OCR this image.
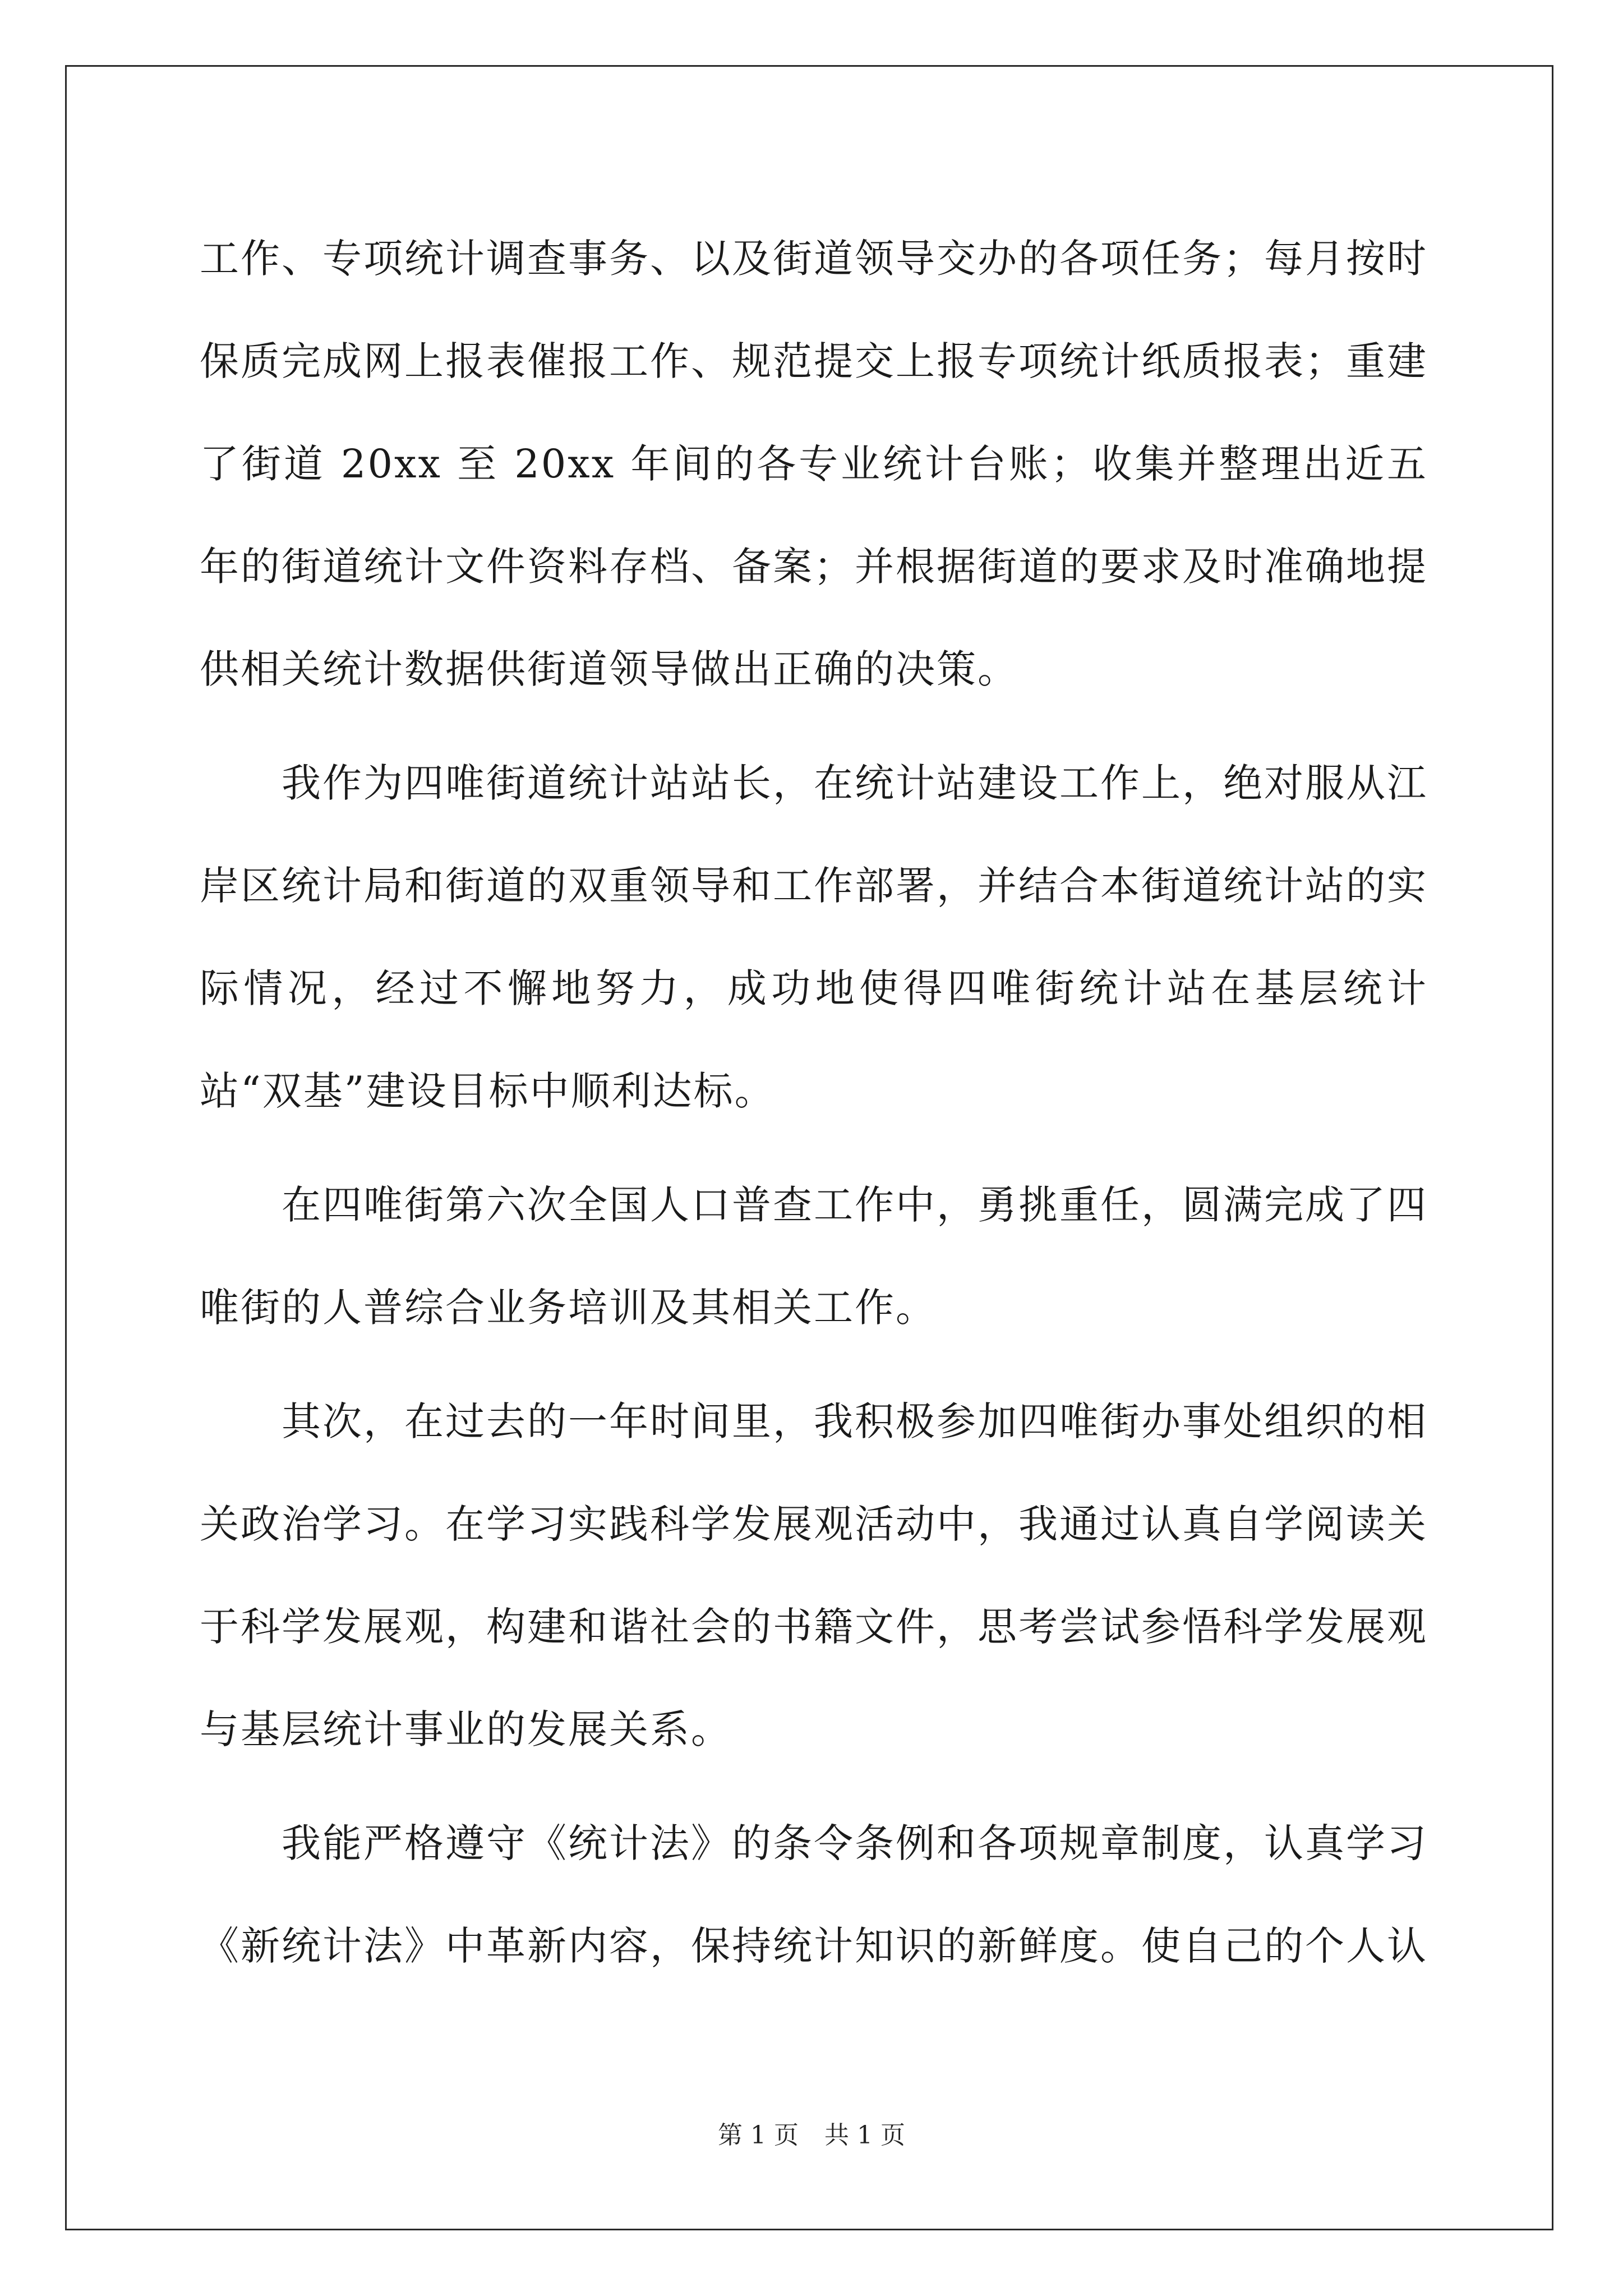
工作、专项统计调查事务、以及街道领导交办的各项任务；每月按时保质完成网上报表催报工作、规范提交上报专项统计纸质报表；重建了街道 20xx 至 20xx 年间的各专业统计台账；收集并整理出近五年的街道统计文件资料存档、备案；并根据街道的要求及时准确地提供相关统计数据供街道领导做出正确的决策。

我作为四唯街道统计站站长，在统计站建设工作上，绝对服从江岸区统计局和街道的双重领导和工作部署，并结合本街道统计站的实际情况，经过不懈地努力，成功地使得四唯街统计站在基层统计站“双基”建设目标中顺利达标。

在四唯街第六次全国人口普查工作中，勇挑重任，圆满完成了四唯街的人普综合业务培训及其相关工作。

其次，在过去的一年时间里，我积极参加四唯街办事处组织的相关政治学习。在学习实践科学发展观活动中，我通过认真自学阅读关于科学发展观，构建和谐社会的书籍文件，思考尝试参悟科学发展观与基层统计事业的发展关系。

我能严格遵守《统计法》的条令条例和各项规章制度，认真学习《新统计法》中革新内容，保持统计知识的新鲜度。使自己的个人认

第 1 页 共 1 页
